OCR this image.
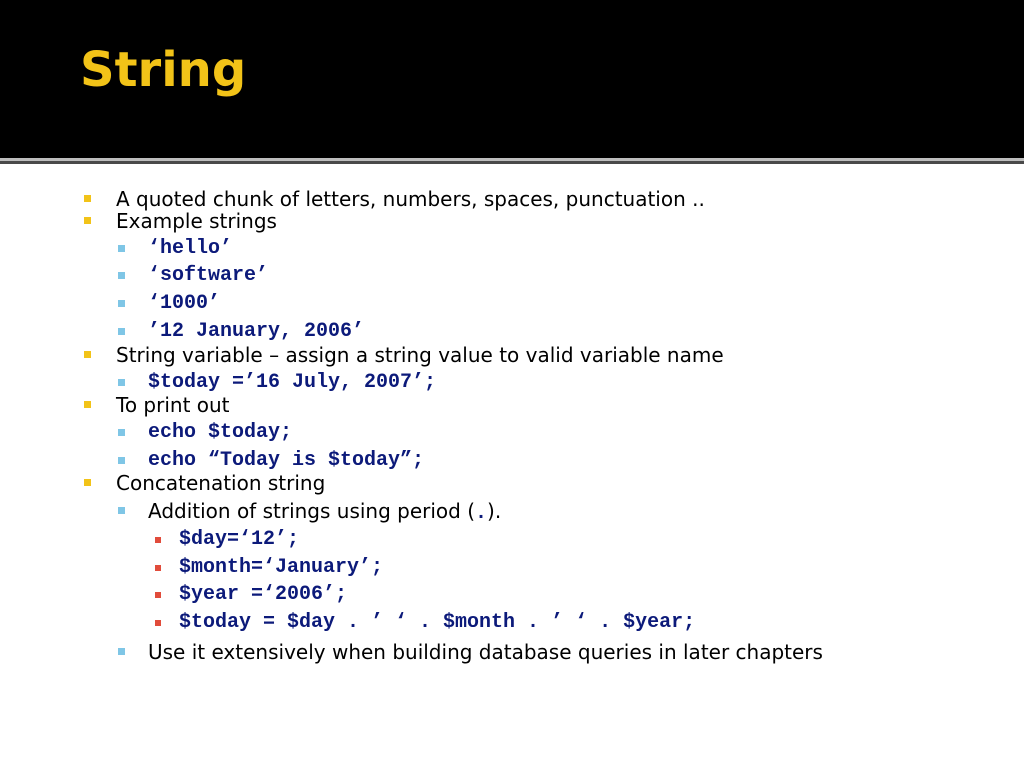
String
A quoted chunk of letters, numbers, spaces, punctuation ..
Example strings
‘hello’
‘software’
‘1000’
’12 January, 2006’
String variable – assign a string value to valid variable name
$today =’16 July, 2007’;
To print out
echo $today;
echo “Today is $today”;
Concatenation string
Addition of strings using period (.).
$day=‘12’;
$month=‘January’;
$year =‘2006’;
$today = $day . ’ ‘ . $month . ’ ‘ . $year;
Use it extensively when building database queries in later chapters
